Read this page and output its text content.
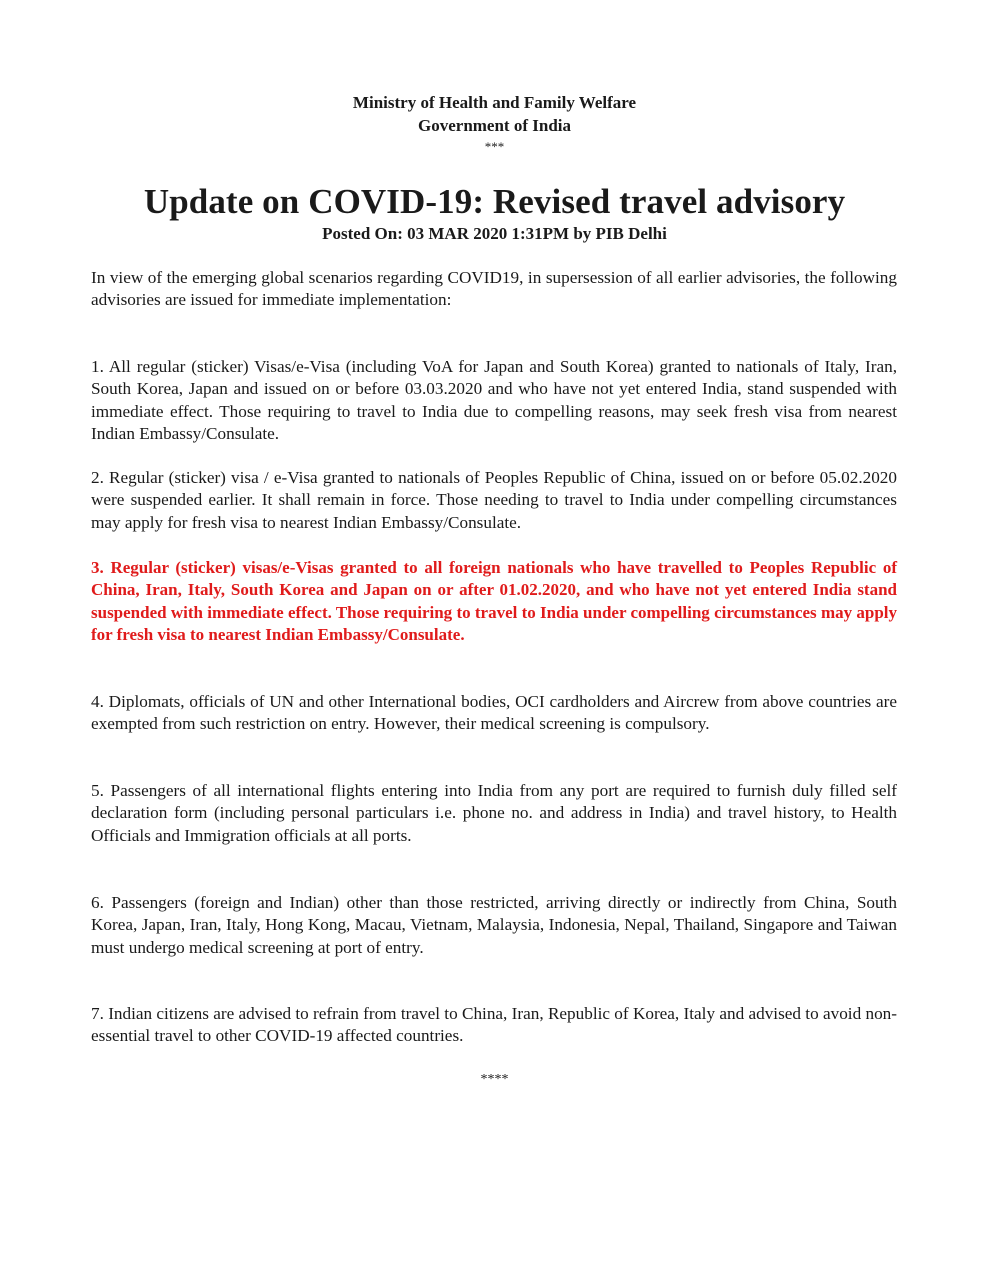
Ministry of Health and Family Welfare
Government of India
***
Update on COVID-19: Revised travel advisory
Posted On: 03 MAR 2020 1:31PM by PIB Delhi

In view of the emerging global scenarios regarding COVID19, in supersession of all earlier advisories, the following advisories are issued for immediate implementation:

1. All regular (sticker) Visas/e-Visa (including VoA for Japan and South Korea) granted to nationals of Italy, Iran, South Korea, Japan and issued on or before 03.03.2020 and who have not yet entered India, stand suspended with immediate effect. Those requiring to travel to India due to compelling reasons, may seek fresh visa from nearest Indian Embassy/Consulate.

2. Regular (sticker) visa / e-Visa granted to nationals of Peoples Republic of China, issued on or before 05.02.2020 were suspended earlier. It shall remain in force. Those needing to travel to India under compelling circumstances may apply for fresh visa to nearest Indian Embassy/Consulate.

3. Regular (sticker) visas/e-Visas granted to all foreign nationals who have travelled to Peoples Republic of China, Iran, Italy, South Korea and Japan on or after 01.02.2020, and who have not yet entered India stand suspended with immediate effect. Those requiring to travel to India under compelling circumstances may apply for fresh visa to nearest Indian Embassy/Consulate.

4. Diplomats, officials of UN and other International bodies, OCI cardholders and Aircrew from above countries are exempted from such restriction on entry. However, their medical screening is compulsory.

5. Passengers of all international flights entering into India from any port are required to furnish duly filled self declaration form (including personal particulars i.e. phone no. and address in India) and travel history, to Health Officials and Immigration officials at all ports.

6. Passengers (foreign and Indian) other than those restricted, arriving directly or indirectly from China, South Korea, Japan, Iran, Italy, Hong Kong, Macau, Vietnam, Malaysia, Indonesia, Nepal, Thailand, Singapore and Taiwan must undergo medical screening at port of entry.

7. Indian citizens are advised to refrain from travel to China, Iran, Republic of Korea, Italy and advised to avoid non-essential travel to other COVID-19 affected countries.

****
